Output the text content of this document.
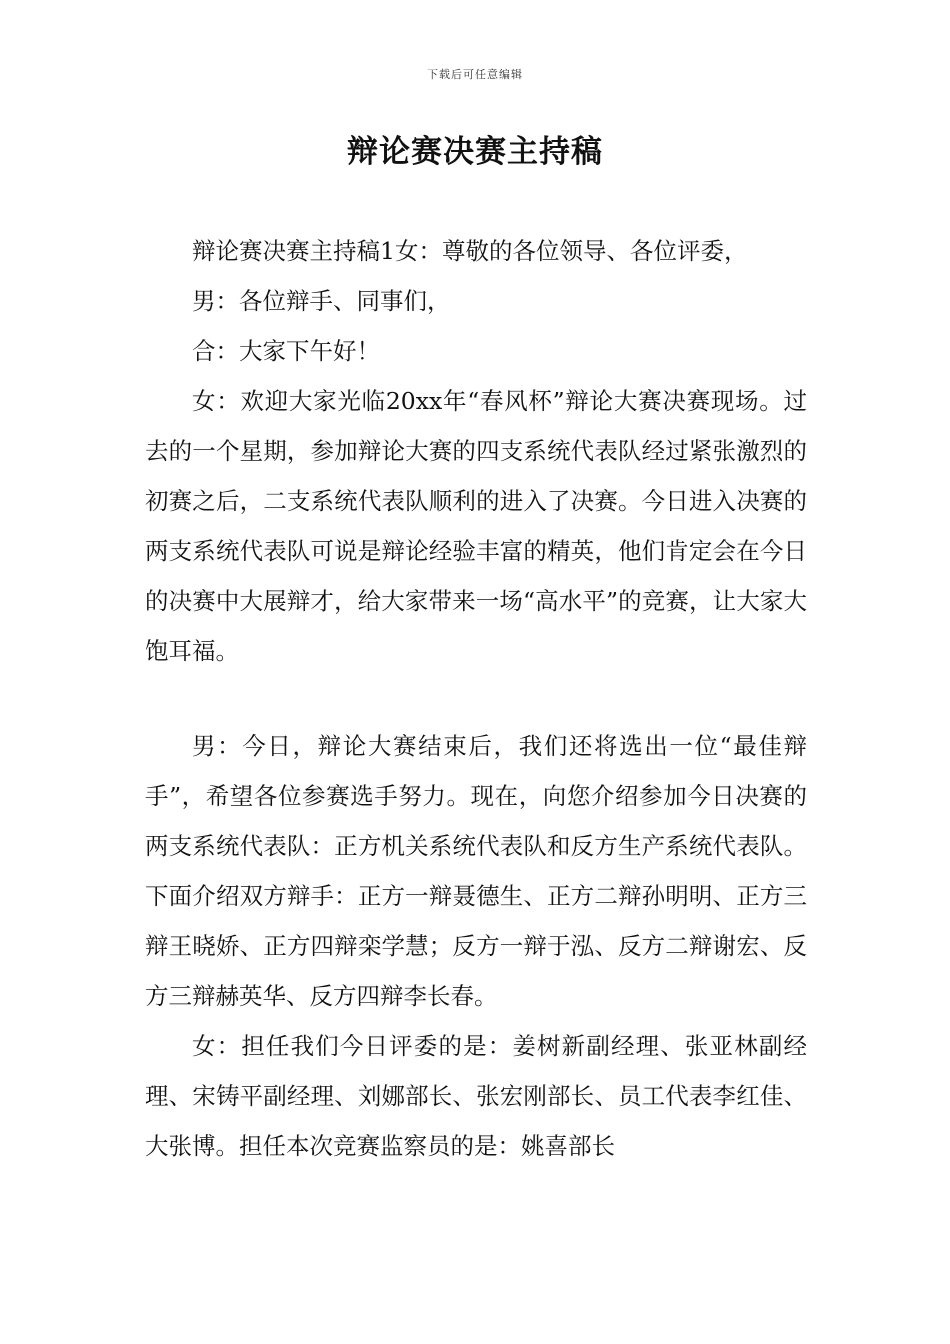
下载后可任意编辑
辩论赛决赛主持稿

辩论赛决赛主持稿1女：尊敬的各位领导、各位评委，

男：各位辩手、同事们，

合：大家下午好！

女：欢迎大家光临20xx年“春风杯”辩论大赛决赛现场。过去的一个星期，参加辩论大赛的四支系统代表队经过紧张激烈的初赛之后，二支系统代表队顺利的进入了决赛。今日进入决赛的两支系统代表队可说是辩论经验丰富的精英，他们肯定会在今日的决赛中大展辩才，给大家带来一场“高水平”的竞赛，让大家大饱耳福。

男：今日，辩论大赛结束后，我们还将选出一位“最佳辩手”，希望各位参赛选手努力。现在，向您介绍参加今日决赛的两支系统代表队：正方机关系统代表队和反方生产系统代表队。下面介绍双方辩手：正方一辩聂德生、正方二辩孙明明、正方三辩王晓娇、正方四辩栾学慧；反方一辩于泓、反方二辩谢宏、反方三辩赫英华、反方四辩李长春。

女：担任我们今日评委的是：姜树新副经理、张亚林副经理、宋铸平副经理、刘娜部长、张宏刚部长、员工代表李红佳、大张博。担任本次竞赛监察员的是：姚喜部长
